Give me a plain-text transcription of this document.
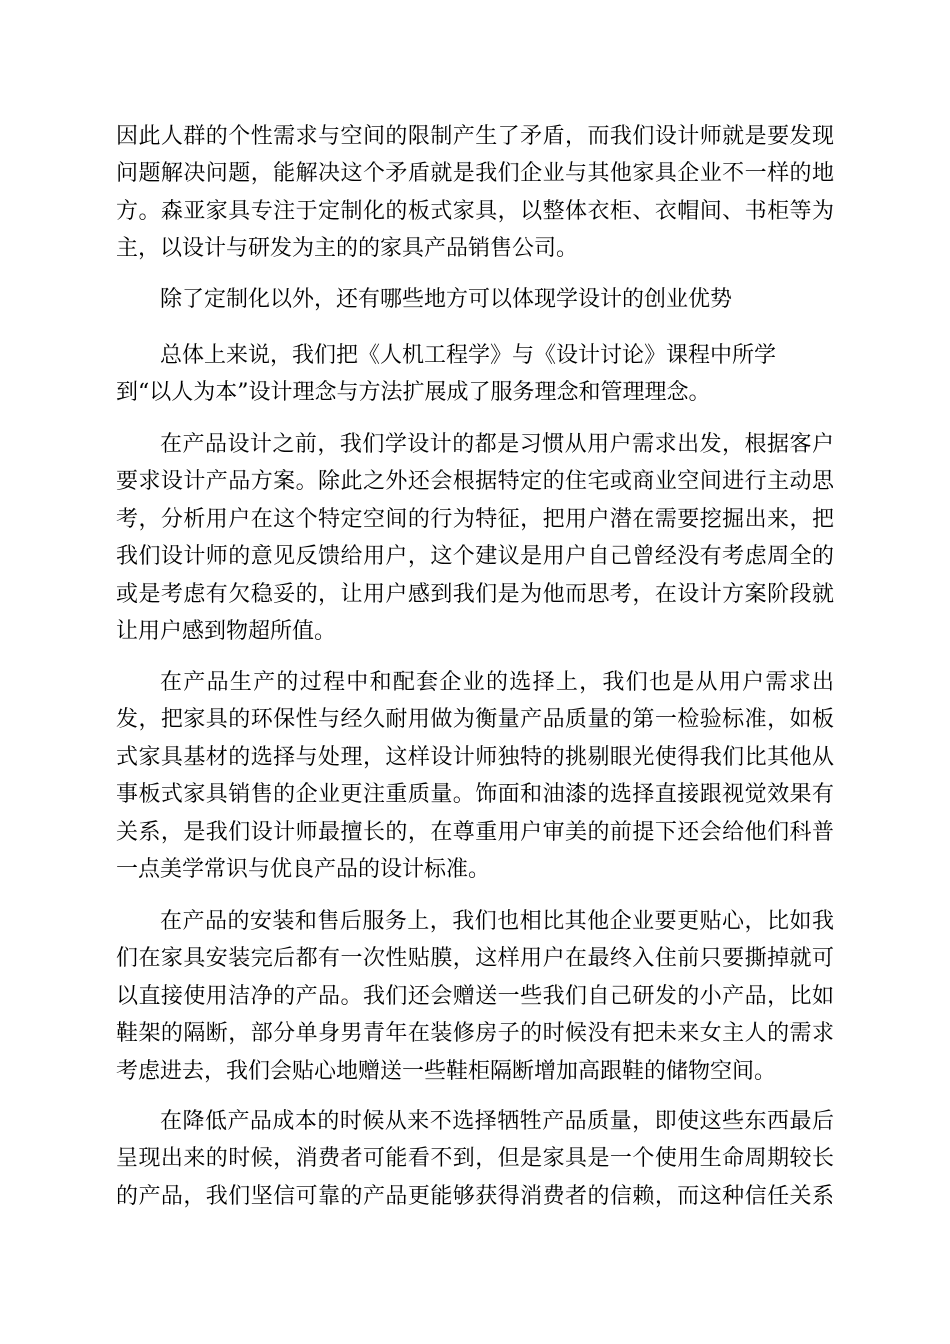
因此人群的个性需求与空间的限制产生了矛盾，而我们设计师就是要发现
问题解决问题，能解决这个矛盾就是我们企业与其他家具企业不一样的地
方。森亚家具专注于定制化的板式家具，以整体衣柜、衣帽间、书柜等为
主，以设计与研发为主的的家具产品销售公司。
除了定制化以外，还有哪些地方可以体现学设计的创业优势
总体上来说，我们把《人机工程学》与《设计讨论》课程中所学
到“以人为本”设计理念与方法扩展成了服务理念和管理理念。
在产品设计之前，我们学设计的都是习惯从用户需求出发，根据客户
要求设计产品方案。除此之外还会根据特定的住宅或商业空间进行主动思
考，分析用户在这个特定空间的行为特征，把用户潜在需要挖掘出来，把
我们设计师的意见反馈给用户，这个建议是用户自己曾经没有考虑周全的
或是考虑有欠稳妥的，让用户感到我们是为他而思考，在设计方案阶段就
让用户感到物超所值。
在产品生产的过程中和配套企业的选择上，我们也是从用户需求出
发，把家具的环保性与经久耐用做为衡量产品质量的第一检验标准，如板
式家具基材的选择与处理，这样设计师独特的挑剔眼光使得我们比其他从
事板式家具销售的企业更注重质量。饰面和油漆的选择直接跟视觉效果有
关系，是我们设计师最擅长的，在尊重用户审美的前提下还会给他们科普
一点美学常识与优良产品的设计标准。
在产品的安装和售后服务上，我们也相比其他企业要更贴心，比如我
们在家具安装完后都有一次性贴膜，这样用户在最终入住前只要撕掉就可
以直接使用洁净的产品。我们还会赠送一些我们自己研发的小产品，比如
鞋架的隔断，部分单身男青年在装修房子的时候没有把未来女主人的需求
考虑进去，我们会贴心地赠送一些鞋柜隔断增加高跟鞋的储物空间。
在降低产品成本的时候从来不选择牺牲产品质量，即使这些东西最后
呈现出来的时候，消费者可能看不到，但是家具是一个使用生命周期较长
的产品，我们坚信可靠的产品更能够获得消费者的信赖，而这种信任关系
